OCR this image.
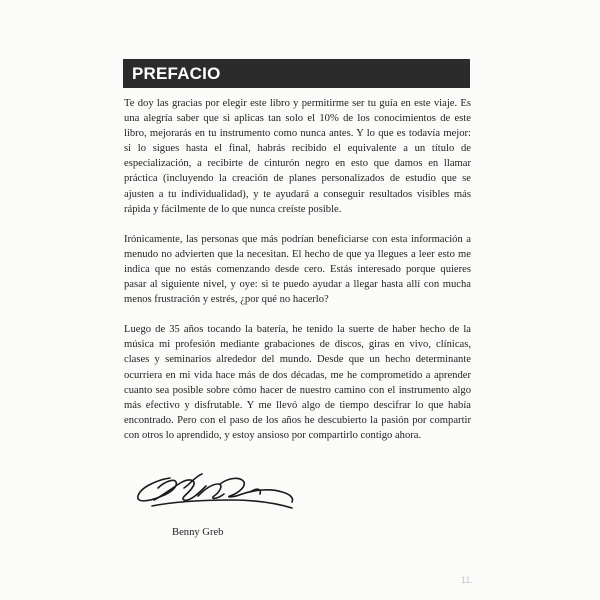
PREFACIO

Te doy las gracias por elegir este libro y permitirme ser tu guía en este viaje. Es una alegría saber que si aplicas tan solo el 10% de los conocimientos de este libro, mejorarás en tu instrumento como nunca antes. Y lo que es todavía mejor: si lo sigues hasta el final, habrás recibido el equivalente a un título de especialización, a recibirte de cinturón negro en esto que damos en llamar práctica (incluyendo la creación de planes personalizados de estudio que se ajusten a tu individualidad), y te ayudará a conseguir resultados visibles más rápida y fácilmente de lo que nunca creíste posible.

Irónicamente, las personas que más podrían beneficiarse con esta información a menudo no advierten que la necesitan. El hecho de que ya llegues a leer esto me indica que no estás comenzando desde cero. Estás interesado porque quieres pasar al siguiente nivel, y oye: si te puedo ayudar a llegar hasta allí con mucha menos frustración y estrés, ¿por qué no hacerlo?

Luego de 35 años tocando la batería, he tenido la suerte de haber hecho de la música mi profesión mediante grabaciones de discos, giras en vivo, clínicas, clases y seminarios alrededor del mundo. Desde que un hecho determinante ocurriera en mi vida hace más de dos décadas, me he comprometido a aprender cuanto sea posible sobre cómo hacer de nuestro camino con el instrumento algo más efectivo y disfrutable. Y me llevó algo de tiempo descifrar lo que había encontrado. Pero con el paso de los años he descubierto la pasión por compartir con otros lo aprendido, y estoy ansioso por compartirlo contigo ahora.

Benny Greb
11.
